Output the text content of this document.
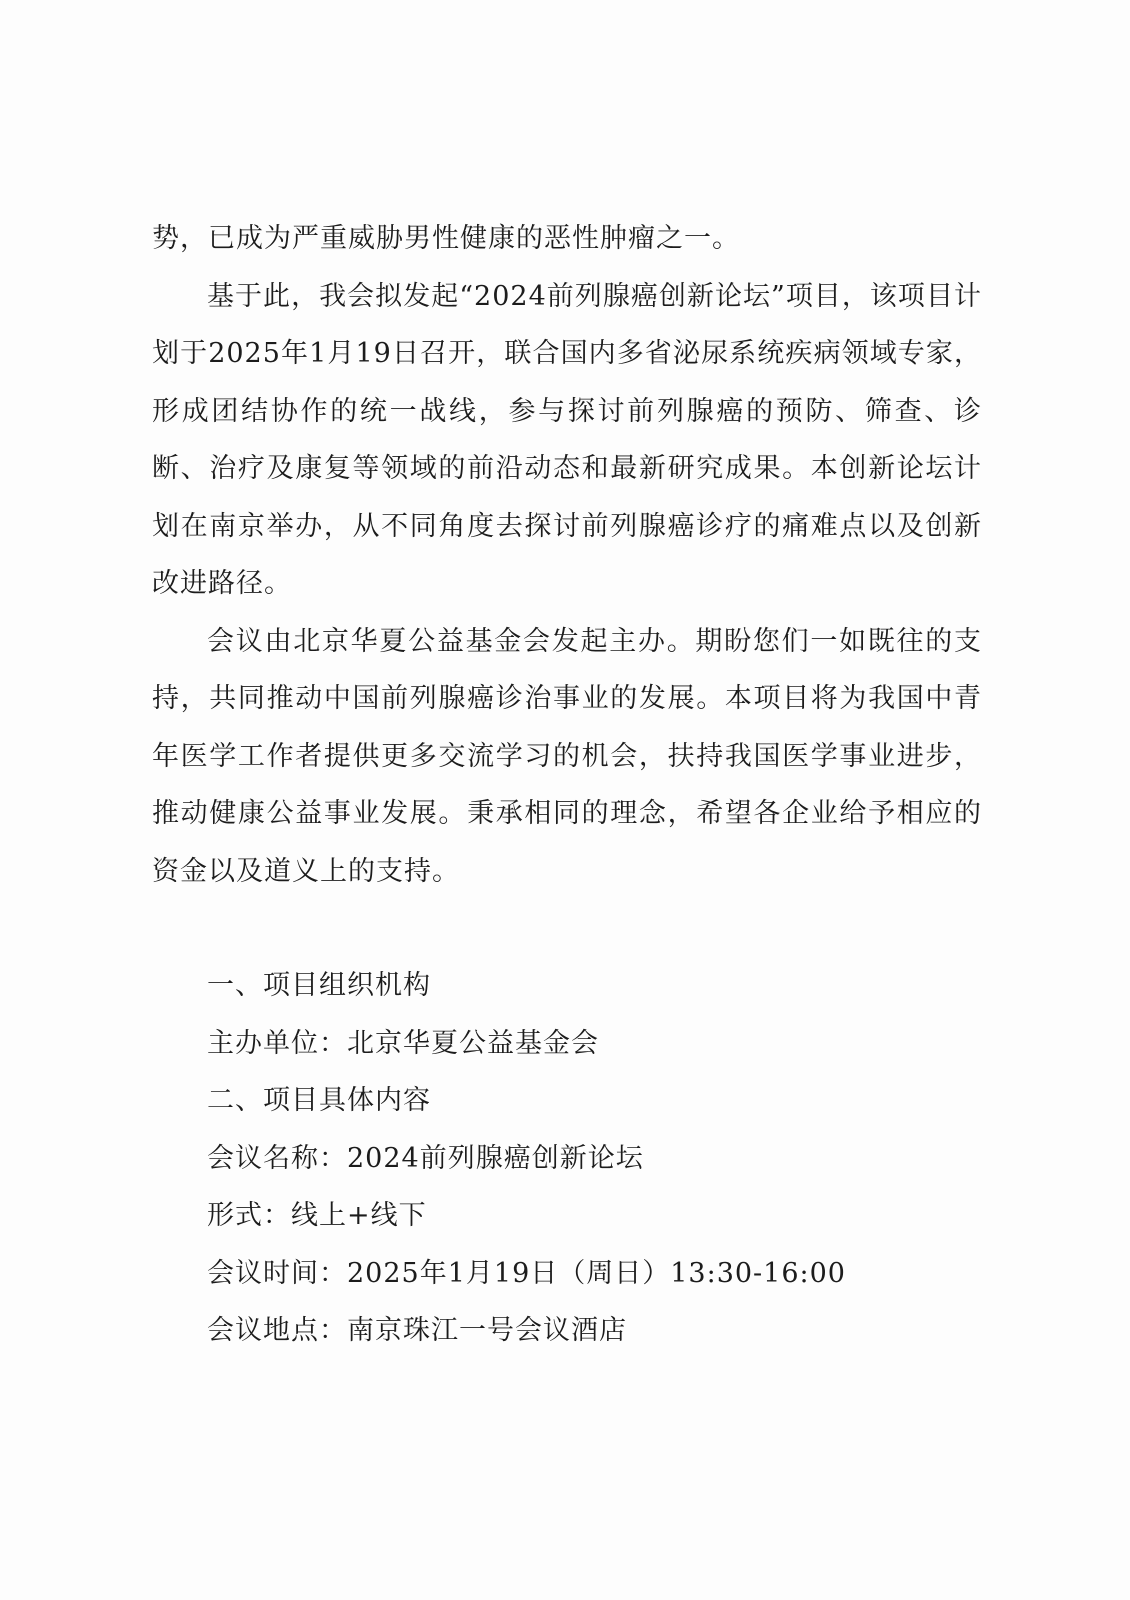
势，已成为严重威胁男性健康的恶性肿瘤之一。

基于此，我会拟发起“2024前列腺癌创新论坛”项目，该项目计划于2025年1月19日召开，联合国内多省泌尿系统疾病领域专家，形成团结协作的统一战线，参与探讨前列腺癌的预防、筛查、诊断、治疗及康复等领域的前沿动态和最新研究成果。本创新论坛计划在南京举办，从不同角度去探讨前列腺癌诊疗的痛难点以及创新改进路径。

会议由北京华夏公益基金会发起主办。期盼您们一如既往的支持，共同推动中国前列腺癌诊治事业的发展。本项目将为我国中青年医学工作者提供更多交流学习的机会，扶持我国医学事业进步，推动健康公益事业发展。秉承相同的理念，希望各企业给予相应的资金以及道义上的支持。

一、项目组织机构
主办单位：北京华夏公益基金会
二、项目具体内容
会议名称：2024前列腺癌创新论坛
形式：线上+线下
会议时间：2025年1月19日（周日）13:30-16:00
会议地点：南京珠江一号会议酒店
